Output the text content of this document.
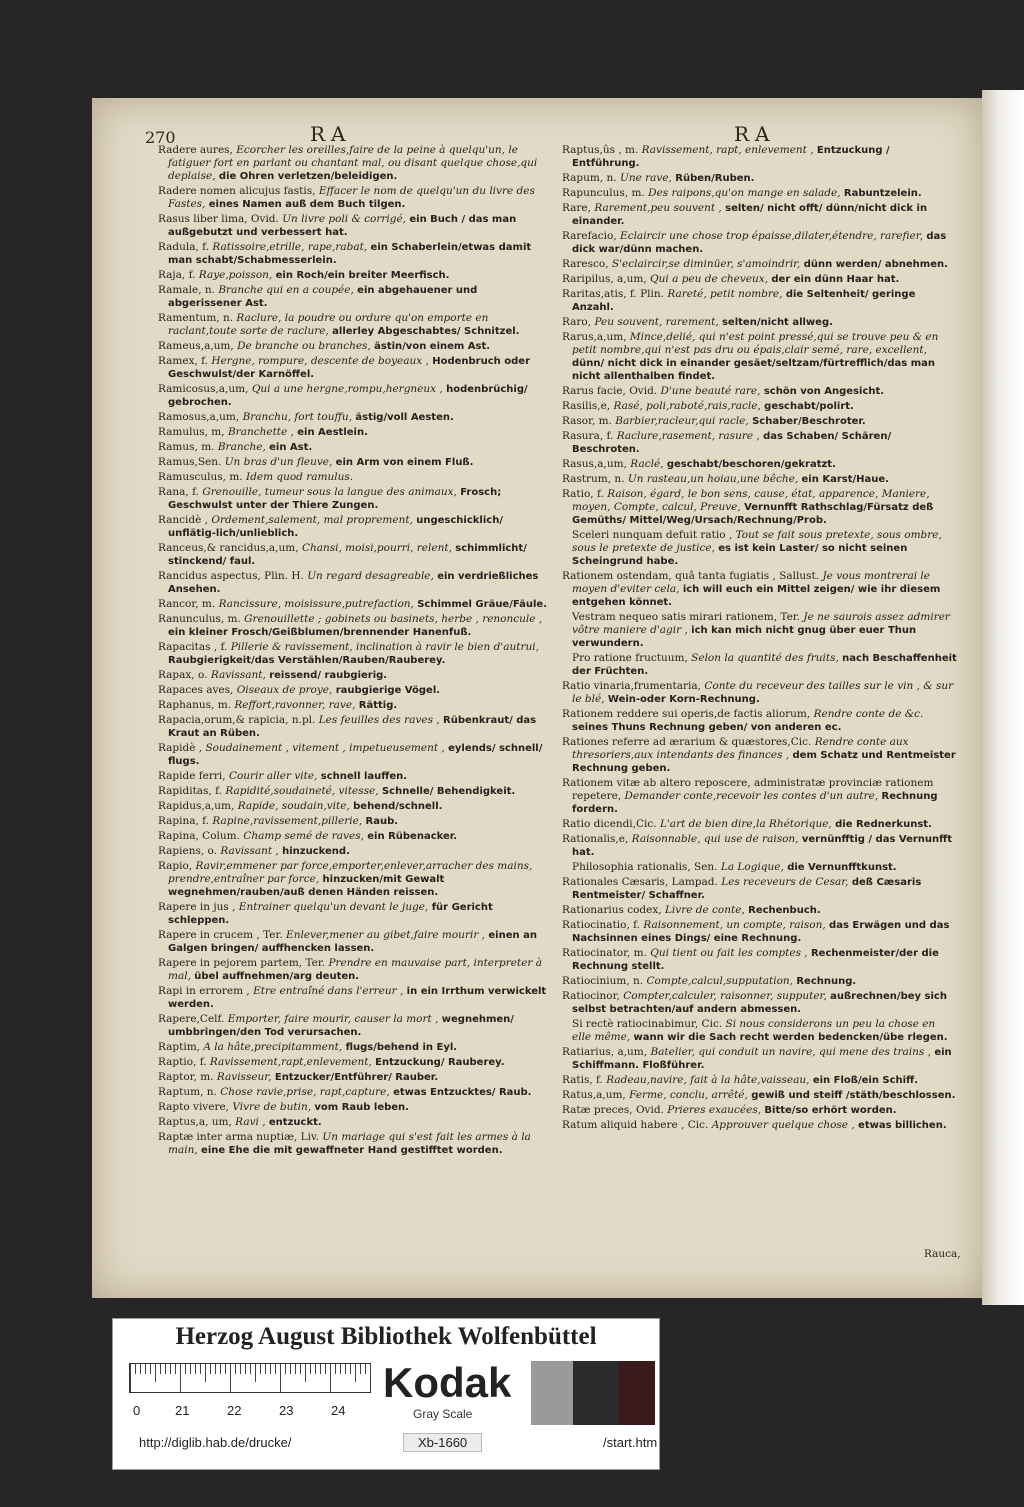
270	RA	RA

Radere aures, Ecorcher les oreilles,faire de la peine à quelqu'un, le fatiguer fort en parlant ou chantant mal, ou disant quelque chose,qui deplaise, die Ohren verletzen/beleidigen.

Radere nomen alicujus fastis, Effacer le nom de quelqu'un du livre des Fastes, eines Namen auß dem Buch tilgen.

Rasus liber lima, Ovid. Un livre poli & corrigé, ein Buch / das man außgebutzt und verbessert hat.

Radula, f. Ratissoire,etrille, rape,rabat, ein Schaberlein/etwas damit man schabt/Schabmesserlein.

Raja, f. Raye,poisson, ein Roch/ein breiter Meerfisch.

Ramale, n. Branche qui en a coupée, ein abgehauener und abgerissener Ast.

Ramentum, n. Raclure, la poudre ou ordure qu'on emporte en raclant,toute sorte de raclure, allerley Abgeschabtes/ Schnitzel.

Rameus,a,um, De branche ou branches, ästin/von einem Ast.

Ramex, f. Hergne, rompure, descente de boyeaux , Hodenbruch oder Geschwulst/der Karnöffel.

Ramicosus,a,um, Qui a une hergne,rompu,hergneux , hodenbrüchig/ gebrochen.

Ramosus,a,um, Branchu, fort touffu, ästig/voll Aesten.

Ramulus, m, Branchette , ein Aestlein.

Ramus, m. Branche, ein Ast.

Ramus,Sen. Un bras d'un fleuve, ein Arm von einem Fluß.

Ramusculus, m. Idem quod ramulus.

Rana, f. Grenouille, tumeur sous la langue des animaux, Frosch; Geschwulst unter der Thiere Zungen.

Rancidè , Ordement,salement, mal proprement, ungeschicklich/ unflätig-lich/unlieblich.

Ranceus,& rancidus,a,um, Chansi, moisi,pourri, relent, schimmlicht/ stinckend/ faul.

Rancidus aspectus, Plin. H. Un regard desagreable, ein verdrießliches Ansehen.

Rancor, m. Rancissure, moisissure,putrefaction, Schimmel Gräue/Fäule.

Ranunculus, m. Grenouillette ; gobinets ou basinets, herbe , renoncule , ein kleiner Frosch/Geißblumen/brennender Hanenfuß.

Rapacitas , f. Pillerie & ravissement, inclination à ravir le bien d'autrui, Raubgierigkeit/das Verstählen/Rauben/Rauberey.

Rapax, o. Ravissant, reissend/ raubgierig.

Rapaces aves, Oiseaux de proye, raubgierige Vögel.

Raphanus, m. Reffort,ravonner, rave, Rättig.

Rapacia,orum,& rapicia, n.pl. Les feuilles des raves , Rübenkraut/ das Kraut an Rüben.

Rapidè , Soudainement , vitement , impetueusement , eylends/ schnell/ flugs.

Rapide ferri, Courir aller vite, schnell lauffen.

Rapiditas, f. Rapidité,soudaineté, vitesse, Schnelle/ Behendigkeit.

Rapidus,a,um, Rapide, soudain,vite, behend/schnell.

Rapina, f. Rapine,ravissement,pillerie, Raub.

Rapina, Colum. Champ semé de raves, ein Rübenacker.

Rapiens, o. Ravissant , hinzuckend.

Rapio, Ravir,emmener par force,emporter,enlever,arracher des mains, prendre,entraîner par force, hinzucken/mit Gewalt wegnehmen/rauben/auß denen Händen reissen.

Rapere in jus , Entrainer quelqu'un devant le juge, für Gericht schleppen.

Rapere in crucem , Ter. Enlever,mener au gibet,faire mourir , einen an Galgen bringen/ auffhencken lassen.

Rapere in pejorem partem, Ter. Prendre en mauvaise part, interpreter à mal, übel auffnehmen/arg deuten.

Rapi in errorem , Etre entraîné dans l'erreur , in ein Irrthum verwickelt werden.

Rapere,Celf. Emporter, faire mourir, causer la mort , wegnehmen/ umbbringen/den Tod verursachen.

Raptim, A la hâte,precipitamment, flugs/behend in Eyl.

Raptio, f. Ravissement,rapt,enlevement, Entzuckung/ Rauberey.

Raptor, m. Ravisseur, Entzucker/Entführer/ Rauber.

Raptum, n. Chose ravie,prise, rapt,capture, etwas Entzucktes/ Raub.

Rapto vivere, Vivre de butin, vom Raub leben.

Raptus,a, um, Ravi , entzuckt.

Raptæ inter arma nuptiæ, Liv. Un mariage qui s'est fait les armes à la main, eine Ehe die mit gewaffneter Hand gestifftet worden.

Raptus,ûs , m. Ravissement, rapt, enlevement , Entzuckung / Entführung.

Rapum, n. Une rave, Rüben/Ruben.

Rapunculus, m. Des raipons,qu'on mange en salade, Rabuntzelein.

Rare, Rarement,peu souvent , selten/ nicht offt/ dünn/nicht dick in einander.

Rarefacio, Eclaircir une chose trop épaisse,dilater,étendre, rarefier, das dick war/dünn machen.

Raresco, S'eclaircir,se diminüer, s'amoindrir, dünn werden/ abnehmen.

Raripilus, a,um, Qui a peu de cheveux, der ein dünn Haar hat.

Raritas,atis, f. Plin. Rareté, petit nombre, die Seltenheit/ geringe Anzahl.

Raro, Peu souvent, rarement, selten/nicht allweg.

Rarus,a,um, Mince,delié, qui n'est point pressé,qui se trouve peu & en petit nombre,qui n'est pas dru ou épais,clair semé, rare, excellent, dünn/ nicht dick in einander gesäet/seltzam/fürtrefflich/das man nicht allenthalben findet.

Rarus facie, Ovid. D'une beauté rare, schön von Angesicht.

Rasilis,e, Rasé, poli,raboté,rais,racle, geschabt/polirt.

Rasor, m. Barbier,racleur,qui racle, Schaber/Beschroter.

Rasura, f. Raclure,rasement, rasure , das Schaben/ Schären/ Beschroten.

Rasus,a,um, Raclé, geschabt/beschoren/gekratzt.

Rastrum, n. Un rasteau,un hoiau,une bêche, ein Karst/Haue.

Ratio, f. Raison, égard, le bon sens, cause, état, apparence, Maniere, moyen, Compte, calcul, Preuve, Vernunfft Rathschlag/Fürsatz deß Gemüths/ Mittel/Weg/Ursach/Rechnung/Prob.

Sceleri nunquam defuit ratio , Tout se fait sous pretexte, sous ombre, sous le pretexte de justice, es ist kein Laster/ so nicht seinen Scheingrund habe.

Rationem ostendam, quâ tanta fugiatis , Sallust. Je vous montrerai le moyen d'eviter cela, ich will euch ein Mittel zeigen/ wie ihr diesem entgehen könnet.

Vestram nequeo satis mirari rationem, Ter. Je ne saurois assez admirer vôtre maniere d'agir , ich kan mich nicht gnug über euer Thun verwundern.

Pro ratione fructuum, Selon la quantité des fruits, nach Beschaffenheit der Früchten.

Ratio vinaria,frumentaria, Conte du receveur des tailles sur le vin , & sur le blé, Wein-oder Korn-Rechnung.

Rationem reddere sui operis,de factis aliorum, Rendre conte de &c. seines Thuns Rechnung geben/ von anderen ec.

Rationes referre ad ærarium & quæstores,Cic. Rendre conte aux thresoriers,aux intendants des finances , dem Schatz und Rentmeister Rechnung geben.

Rationem vitæ ab altero reposcere, administratæ provinciæ rationem repetere, Demander conte,recevoir les contes d'un autre, Rechnung fordern.

Ratio dicendi,Cic. L'art de bien dire,la Rhétorique, die Rednerkunst.

Rationalis,e, Raisonnable, qui use de raison, vernünfftig / das Vernunfft hat.

Philosophia rationalis, Sen. La Logique, die Vernunfftkunst.

Rationales Cæsaris, Lampad. Les receveurs de Cesar, deß Cæsaris Rentmeister/ Schaffner.

Rationarius codex, Livre de conte, Rechenbuch.

Ratiocinatio, f. Raisonnement, un compte, raison, das Erwägen und das Nachsinnen eines Dings/ eine Rechnung.

Ratiocinator, m. Qui tient ou fait les comptes , Rechenmeister/der die Rechnung stellt.

Ratiocinium, n. Compte,calcul,supputation, Rechnung.

Ratiocinor, Compter,calculer, raisonner, supputer, außrechnen/bey sich selbst betrachten/auf andern abmessen.

Si rectè ratiocinabimur, Cic. Si nous considerons un peu la chose en elle même, wann wir die Sach recht werden bedencken/übe rlegen.

Ratiarius, a,um, Batelier, qui conduit un navire, qui mene des trains , ein Schiffmann. Floßführer.

Ratis, f. Radeau,navire, fait à la hâte,vaisseau, ein Floß/ein Schiff.

Ratus,a,um, Ferme, conclu, arrêté, gewiß und steiff /stäth/beschlossen.

Ratæ preces, Ovid. Prieres exaucées, Bitte/so erhört worden.

Ratum aliquid habere , Cic. Approuver quelque chose , etwas billichen.

Rauca,
Herzog August Bibliothek Wolfenbüttel
0	21	22	23	24
Kodak
Gray Scale
http://diglib.hab.de/drucke/	Xb-1660	/start.htm
